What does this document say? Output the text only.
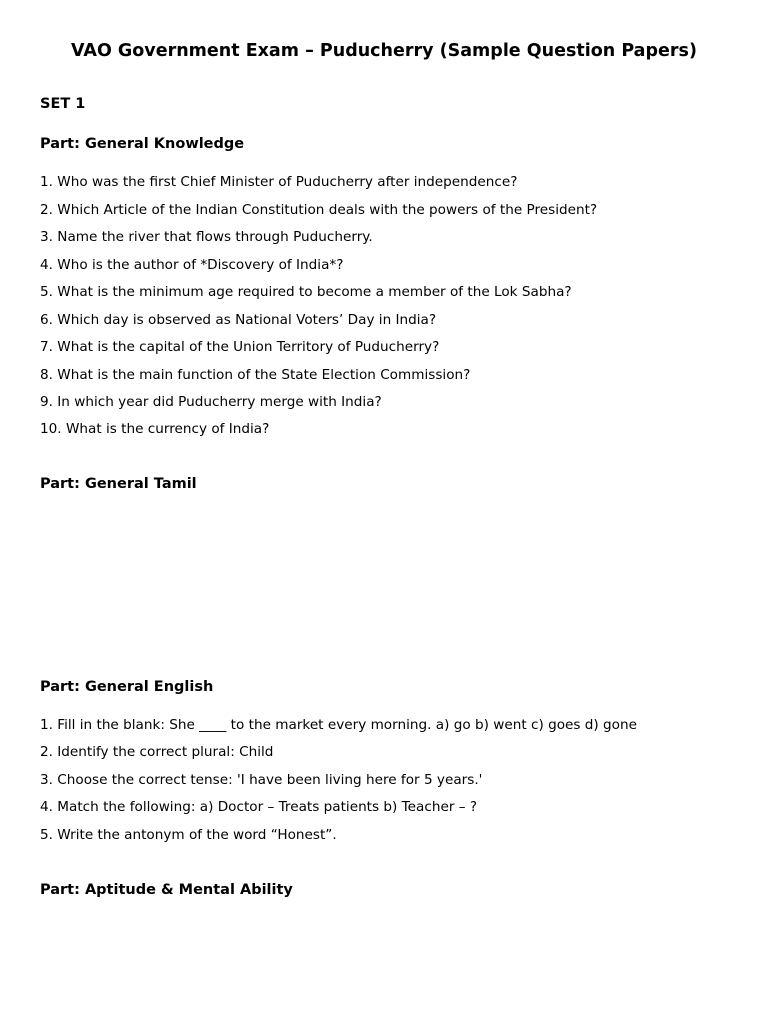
VAO Government Exam – Puducherry (Sample Question Papers)
SET 1
Part: General Knowledge
1. Who was the first Chief Minister of Puducherry after independence?
2. Which Article of the Indian Constitution deals with the powers of the President?
3. Name the river that flows through Puducherry.
4. Who is the author of *Discovery of India*?
5. What is the minimum age required to become a member of the Lok Sabha?
6. Which day is observed as National Voters’ Day in India?
7. What is the capital of the Union Territory of Puducherry?
8. What is the main function of the State Election Commission?
9. In which year did Puducherry merge with India?
10. What is the currency of India?
Part: General Tamil
Part: General English
1. Fill in the blank: She ____ to the market every morning. a) go b) went c) goes d) gone
2. Identify the correct plural: Child
3. Choose the correct tense: 'I have been living here for 5 years.'
4. Match the following: a) Doctor – Treats patients b) Teacher – ?
5. Write the antonym of the word “Honest”.
Part: Aptitude & Mental Ability
